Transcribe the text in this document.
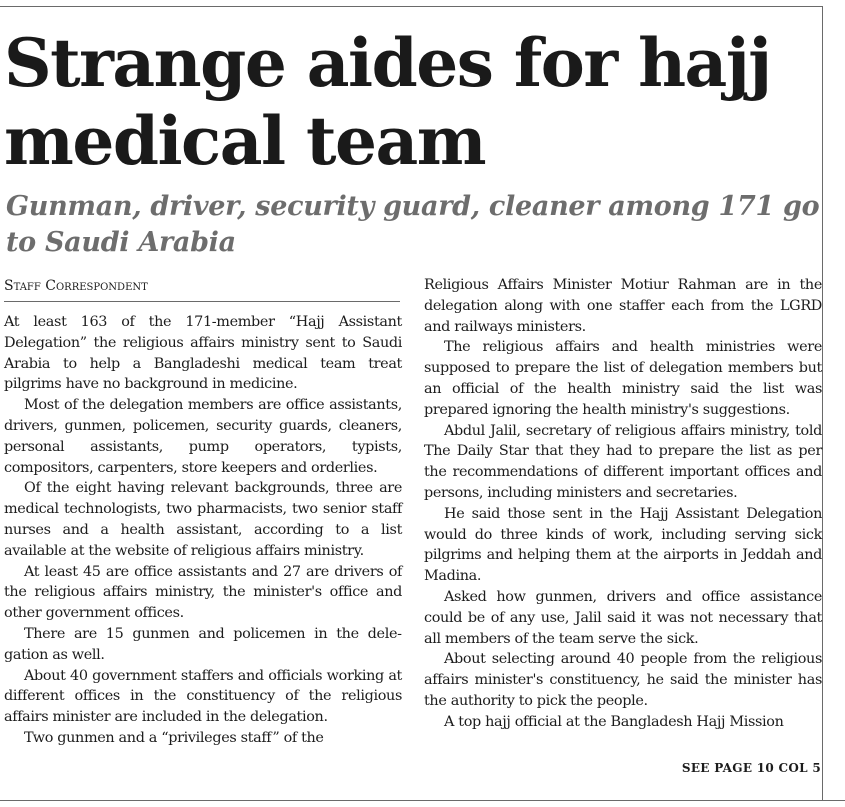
Strange aides for hajj medical team
Gunman, driver, security guard, cleaner among 171 go to Saudi Arabia
Staff Correspondent

At least 163 of the 171-member “Hajj Assistant Delegation” the religious affairs ministry sent to Saudi Arabia to help a Bangladeshi medical team treat pilgrims have no background in medicine.

Most of the delegation members are office assistants, drivers, gunmen, policemen, security guards, cleaners, personal assistants, pump operators, typists, compositors, carpenters, store keepers and orderlies.

Of the eight having relevant backgrounds, three are medical technologists, two pharmacists, two senior staff nurses and a health assistant, according to a list available at the website of religious affairs ministry.

At least 45 are office assistants and 27 are drivers of the religious affairs ministry, the minister's office and other government offices.

There are 15 gunmen and policemen in the delegation as well.

About 40 government staffers and officials working at different offices in the constituency of the religious affairs minister are included in the delegation.

Two gunmen and a “privileges staff” of the

Religious Affairs Minister Motiur Rahman are in the delegation along with one staffer each from the LGRD and railways ministers.

The religious affairs and health ministries were supposed to prepare the list of delegation members but an official of the health ministry said the list was prepared ignoring the health ministry's suggestions.

Abdul Jalil, secretary of religious affairs ministry, told The Daily Star that they had to prepare the list as per the recommendations of different important offices and persons, including ministers and secretaries.

He said those sent in the Hajj Assistant Delegation would do three kinds of work, including serving sick pilgrims and helping them at the airports in Jeddah and Madina.

Asked how gunmen, drivers and office assistance could be of any use, Jalil said it was not necessary that all members of the team serve the sick.

About selecting around 40 people from the religious affairs minister's constituency, he said the minister has the authority to pick the people.

A top hajj official at the Bangladesh Hajj Mission

SEE PAGE 10 COL 5
